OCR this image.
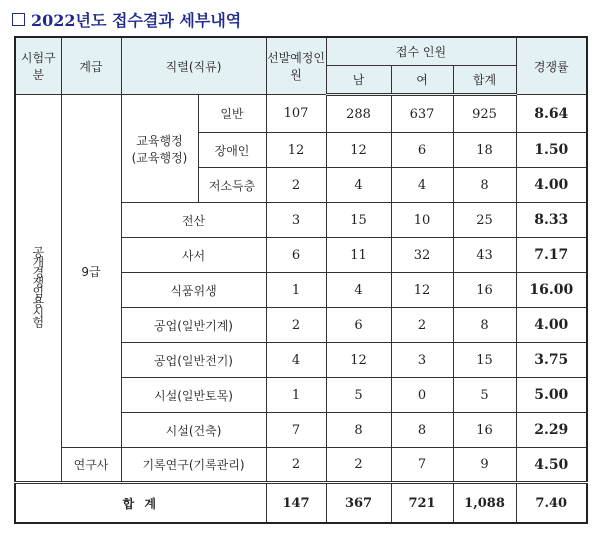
2022년도 접수결과 세부내역
시험구분	계급	직렬(직류)		선발예정인원	접수 인원			경쟁률
					남	여	합계	
공개경쟁임용시험	9급	교육행정(교육행정)	일반	107	288	637	925	8.64
			장애인	12	12	6	18	1.50
			저소득층	2	4	4	8	4.00
		전산		3	15	10	25	8.33
		사서		6	11	32	43	7.17
		식품위생		1	4	12	16	16.00
		공업(일반기계)		2	6	2	8	4.00
		공업(일반전기)		4	12	3	15	3.75
		시설(일반토목)		1	5	0	5	5.00
		시설(건축)		7	8	8	16	2.29
	연구사	기록연구(기록관리)		2	2	7	9	4.50
합 계				147	367	721	1,088	7.40
